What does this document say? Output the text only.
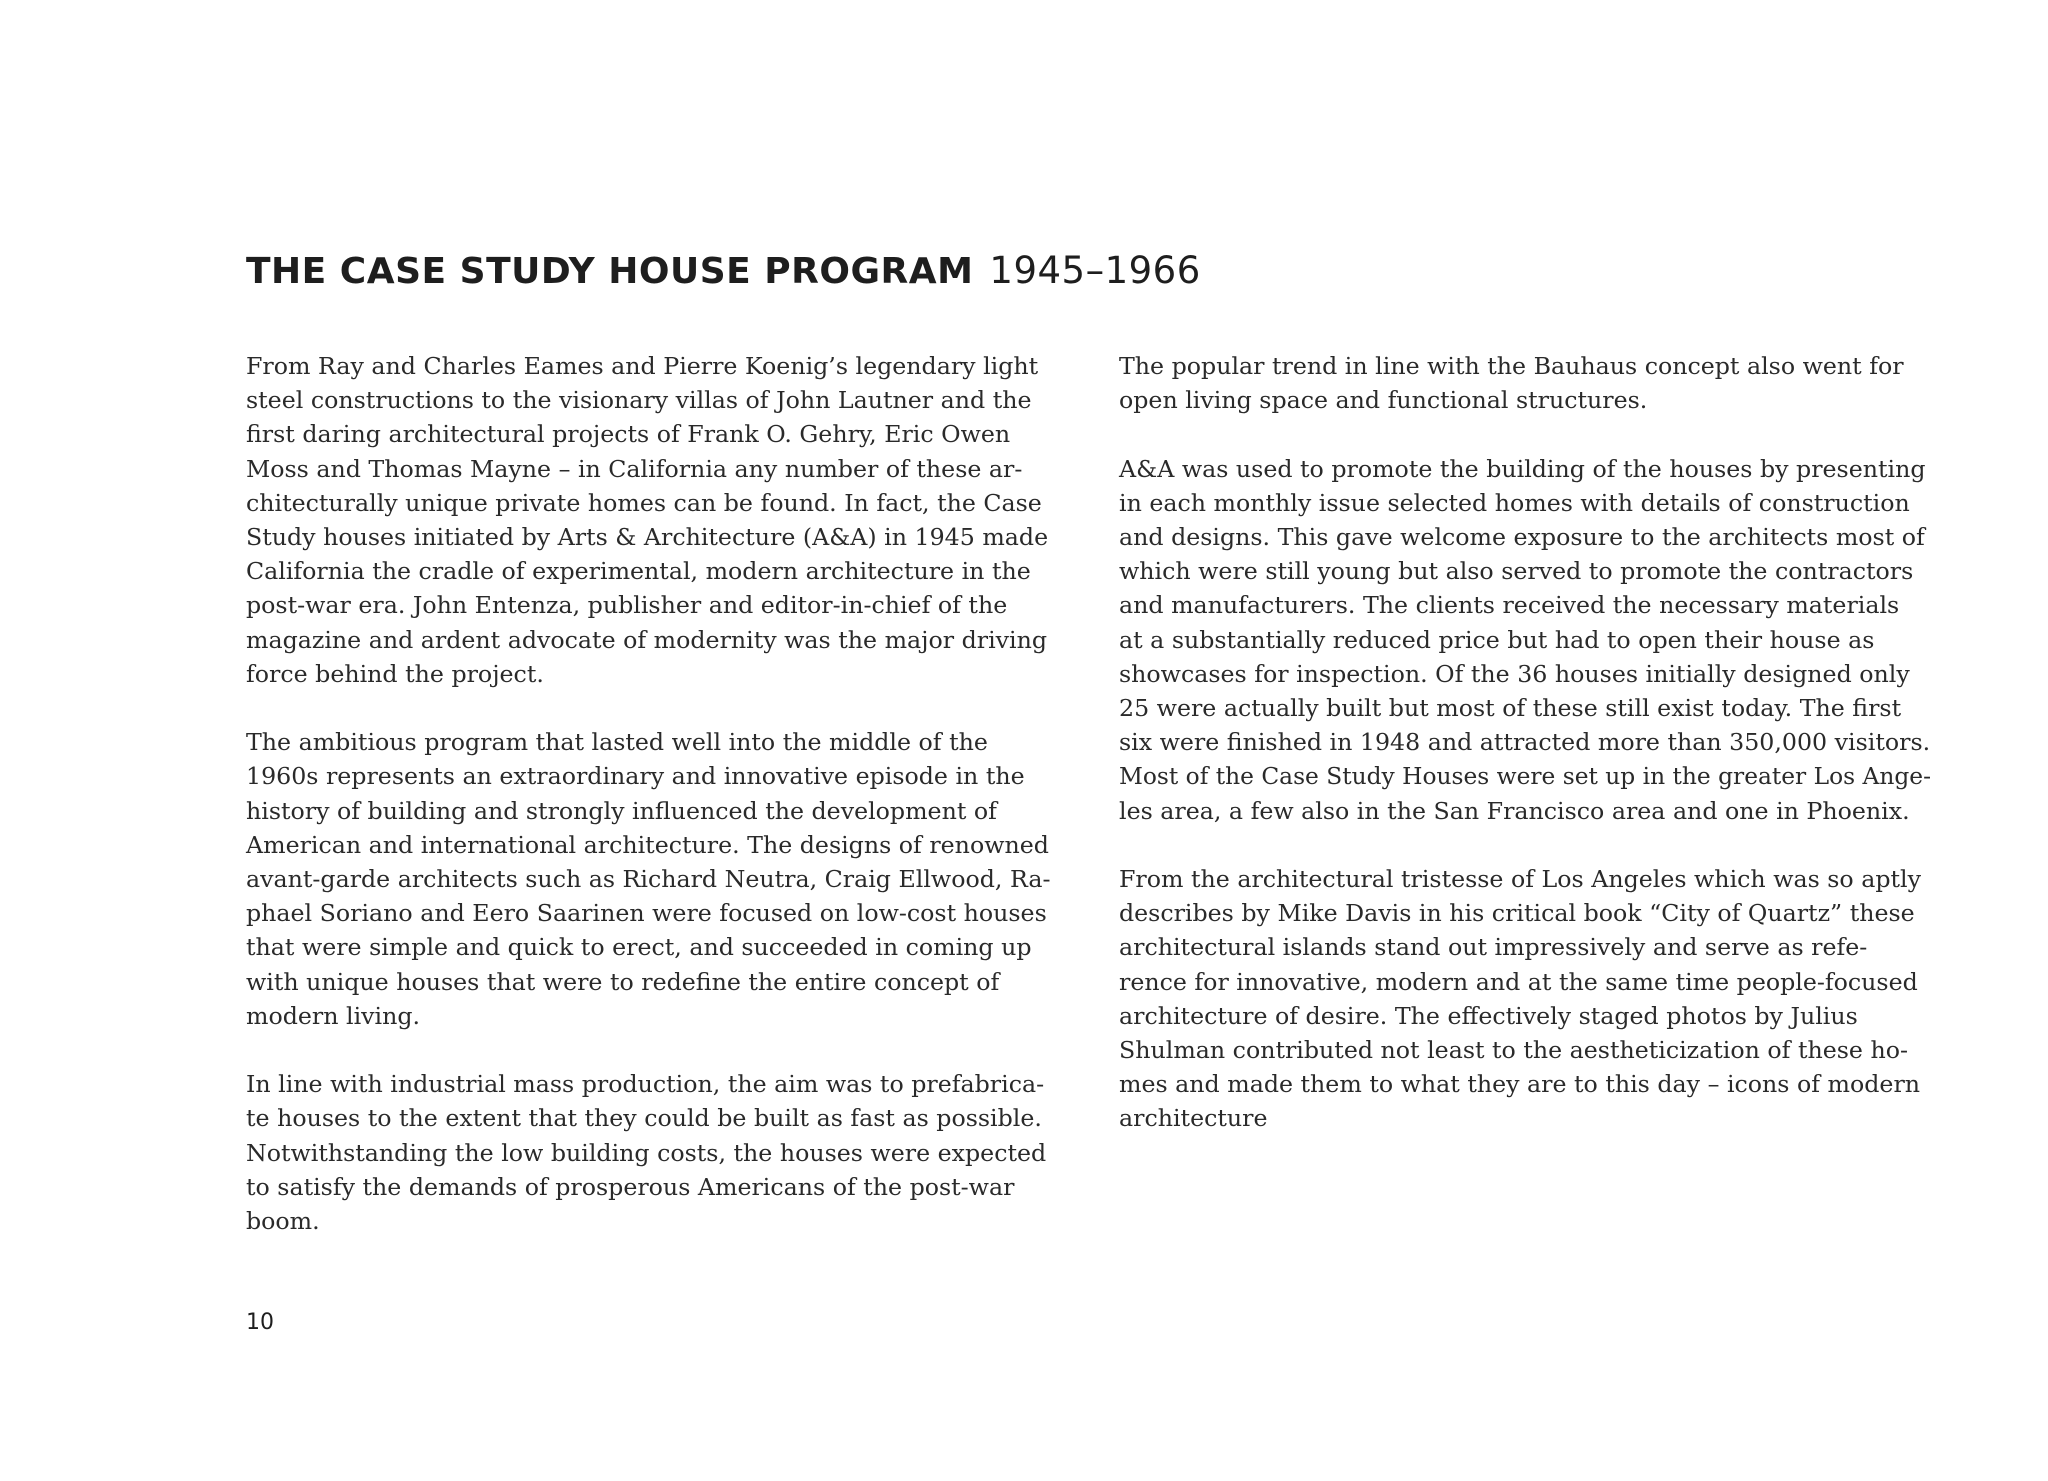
THE CASE STUDY HOUSE PROGRAM 1945–1966

From Ray and Charles Eames and Pierre Koenig’s legendary light
steel constructions to the visionary villas of John Lautner and the
first daring architectural projects of Frank O. Gehry, Eric Owen
Moss and Thomas Mayne – in California any number of these ar-
chitecturally unique private homes can be found. In fact, the Case
Study houses initiated by Arts & Architecture (A&A) in 1945 made
California the cradle of experimental, modern architecture in the
post-war era. John Entenza, publisher and editor-in-chief of the
magazine and ardent advocate of modernity was the major driving
force behind the project.

The ambitious program that lasted well into the middle of the
1960s represents an extraordinary and innovative episode in the
history of building and strongly influenced the development of
American and international architecture. The designs of renowned
avant-garde architects such as Richard Neutra, Craig Ellwood, Ra-
phael Soriano and Eero Saarinen were focused on low-cost houses
that were simple and quick to erect, and succeeded in coming up
with unique houses that were to redefine the entire concept of
modern living.

In line with industrial mass production, the aim was to prefabrica-
te houses to the extent that they could be built as fast as possible.
Notwithstanding the low building costs, the houses were expected
to satisfy the demands of prosperous Americans of the post-war
boom.

The popular trend in line with the Bauhaus concept also went for
open living space and functional structures.

A&A was used to promote the building of the houses by presenting
in each monthly issue selected homes with details of construction
and designs. This gave welcome exposure to the architects most of
which were still young but also served to promote the contractors
and manufacturers. The clients received the necessary materials
at a substantially reduced price but had to open their house as
showcases for inspection. Of the 36 houses initially designed only
25 were actually built but most of these still exist today. The first
six were finished in 1948 and attracted more than 350,000 visitors.
Most of the Case Study Houses were set up in the greater Los Ange-
les area, a few also in the San Francisco area and one in Phoenix.

From the architectural tristesse of Los Angeles which was so aptly
describes by Mike Davis in his critical book “City of Quartz” these
architectural islands stand out impressively and serve as refe-
rence for innovative, modern and at the same time people-focused
architecture of desire. The effectively staged photos by Julius
Shulman contributed not least to the aestheticization of these ho-
mes and made them to what they are to this day – icons of modern
architecture

10
